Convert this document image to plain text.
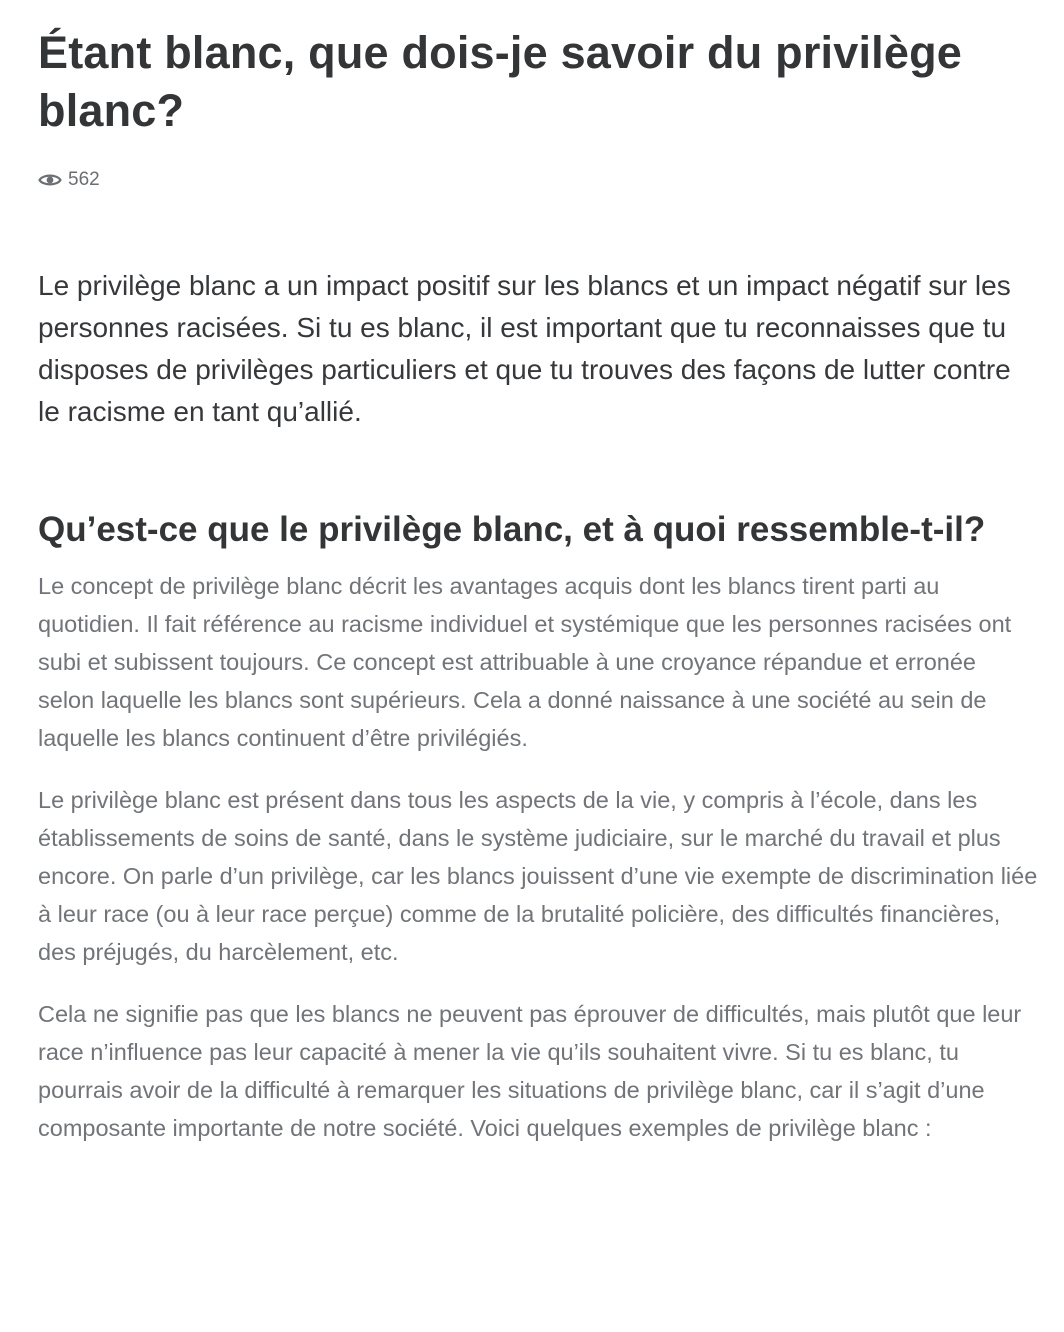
Étant blanc, que dois-je savoir du privilège blanc?
562

Le privilège blanc a un impact positif sur les blancs et un impact négatif sur les personnes racisées. Si tu es blanc, il est important que tu reconnaisses que tu disposes de privilèges particuliers et que tu trouves des façons de lutter contre le racisme en tant qu’allié.

Qu’est-ce que le privilège blanc, et à quoi ressemble-t-il?

Le concept de privilège blanc décrit les avantages acquis dont les blancs tirent parti au quotidien. Il fait référence au racisme individuel et systémique que les personnes racisées ont subi et subissent toujours. Ce concept est attribuable à une croyance répandue et erronée selon laquelle les blancs sont supérieurs. Cela a donné naissance à une société au sein de laquelle les blancs continuent d’être privilégiés.

Le privilège blanc est présent dans tous les aspects de la vie, y compris à l’école, dans les établissements de soins de santé, dans le système judiciaire, sur le marché du travail et plus encore. On parle d’un privilège, car les blancs jouissent d’une vie exempte de discrimination liée à leur race (ou à leur race perçue) comme de la brutalité policière, des difficultés financières, des préjugés, du harcèlement, etc.

Cela ne signifie pas que les blancs ne peuvent pas éprouver de difficultés, mais plutôt que leur race n’influence pas leur capacité à mener la vie qu’ils souhaitent vivre. Si tu es blanc, tu pourrais avoir de la difficulté à remarquer les situations de privilège blanc, car il s’agit d’une composante importante de notre société. Voici quelques exemples de privilège blanc :
